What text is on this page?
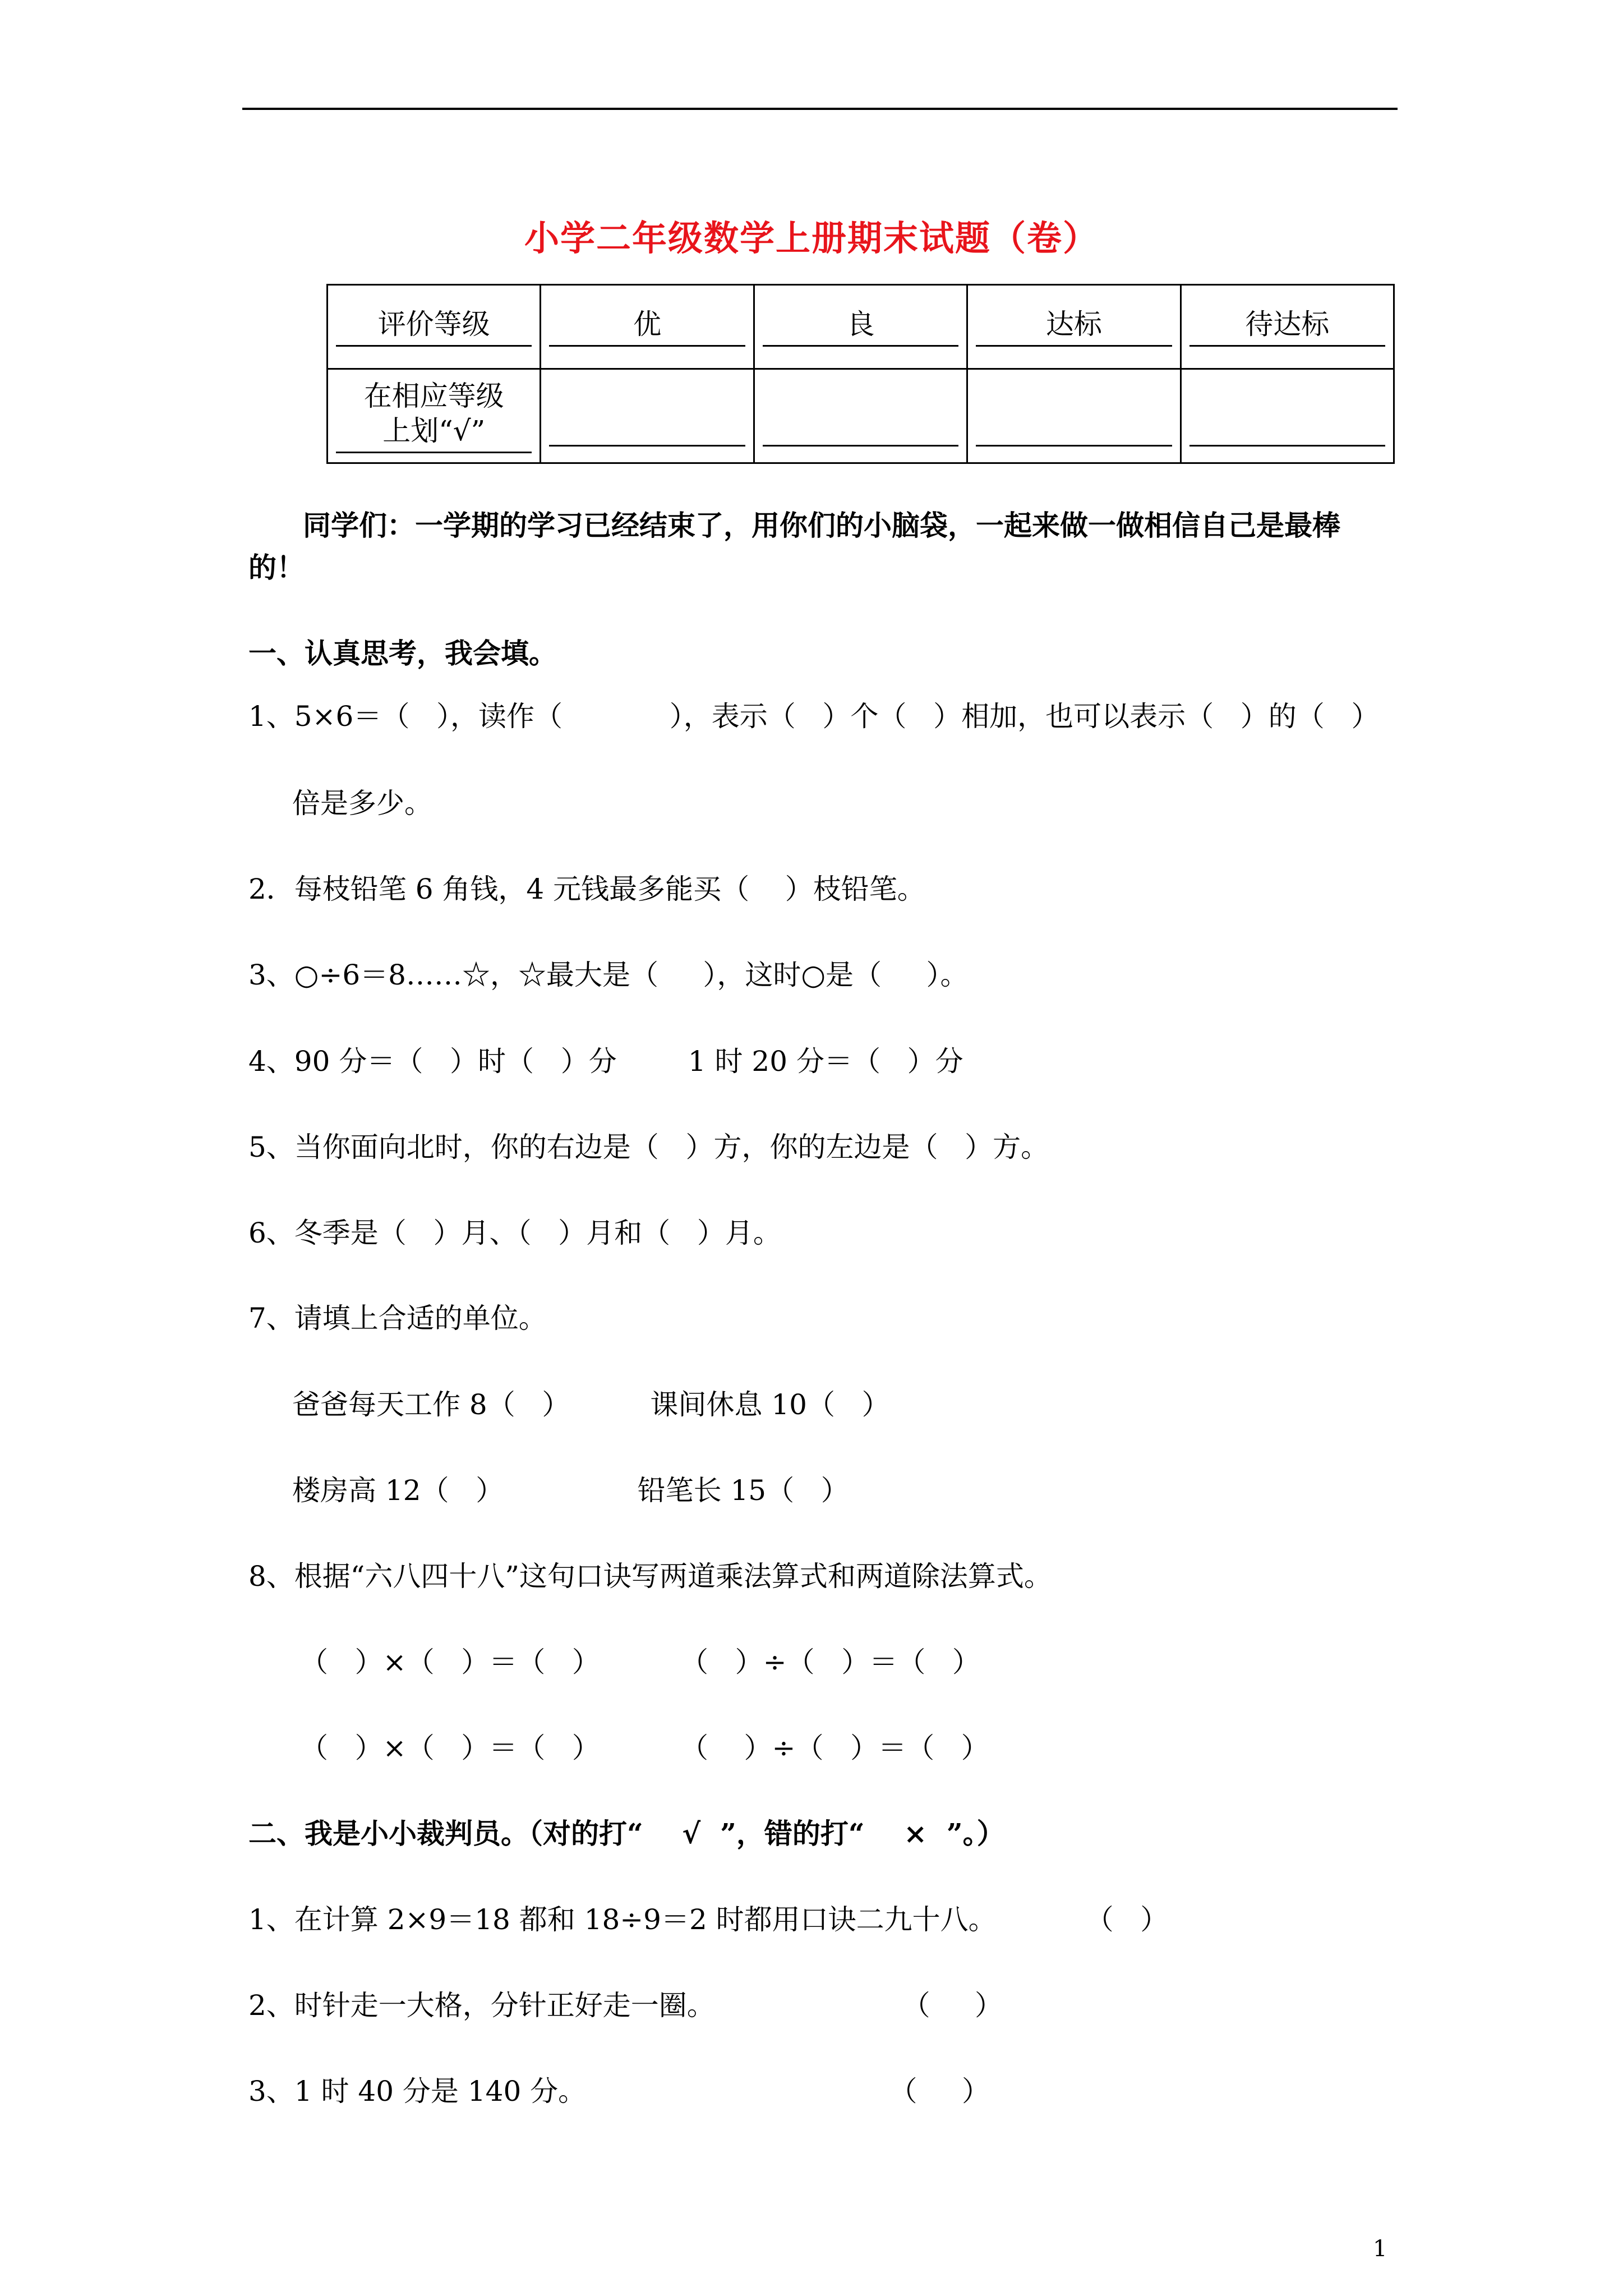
小学二年级数学上册期末试题（卷）
评价等级	优	良	达标	待达标

在相应等级
上划“√”				

同学们：一学期的学习已经结束了，用你们的小脑袋，一起来做一做相信自己是最棒
的！
一、认真思考，我会填。
1、5×6＝（   ），读作（            ），表示（   ）个（   ）相加，也可以表示（   ）的（   ）
倍是多少。
2．每枝铅笔 6 角钱，4 元钱最多能买（    ）枝铅笔。
3、○÷6＝8……☆，☆最大是（     ），这时○是（     ）。
4、90 分＝（   ）时（   ）分        1 时 20 分＝（   ）分
5、当你面向北时，你的右边是（   ）方，你的左边是（   ）方。
6、冬季是（   ）月、（   ）月和（   ）月。
7、请填上合适的单位。
爸爸每天工作 8（   ）         课间休息 10（   ）
楼房高 12（   ）               铅笔长 15（   ）
8、根据“六八四十八”这句口诀写两道乘法算式和两道除法算式。
（   ）×（   ）＝（   ）         （   ）÷（   ）＝（   ）
（   ）×（   ）＝（   ）         （    ）÷（   ）＝（   ）
二、我是小小裁判员。（对的打“    √  ”，错的打“    ×  ”。）
1、在计算 2×9＝18 都和 18÷9＝2 时都用口诀二九十八。          （   ）
2、时针走一大格，分针正好走一圈。                     （     ）
3、1 时 40 分是 140 分。                                  （     ）
1
